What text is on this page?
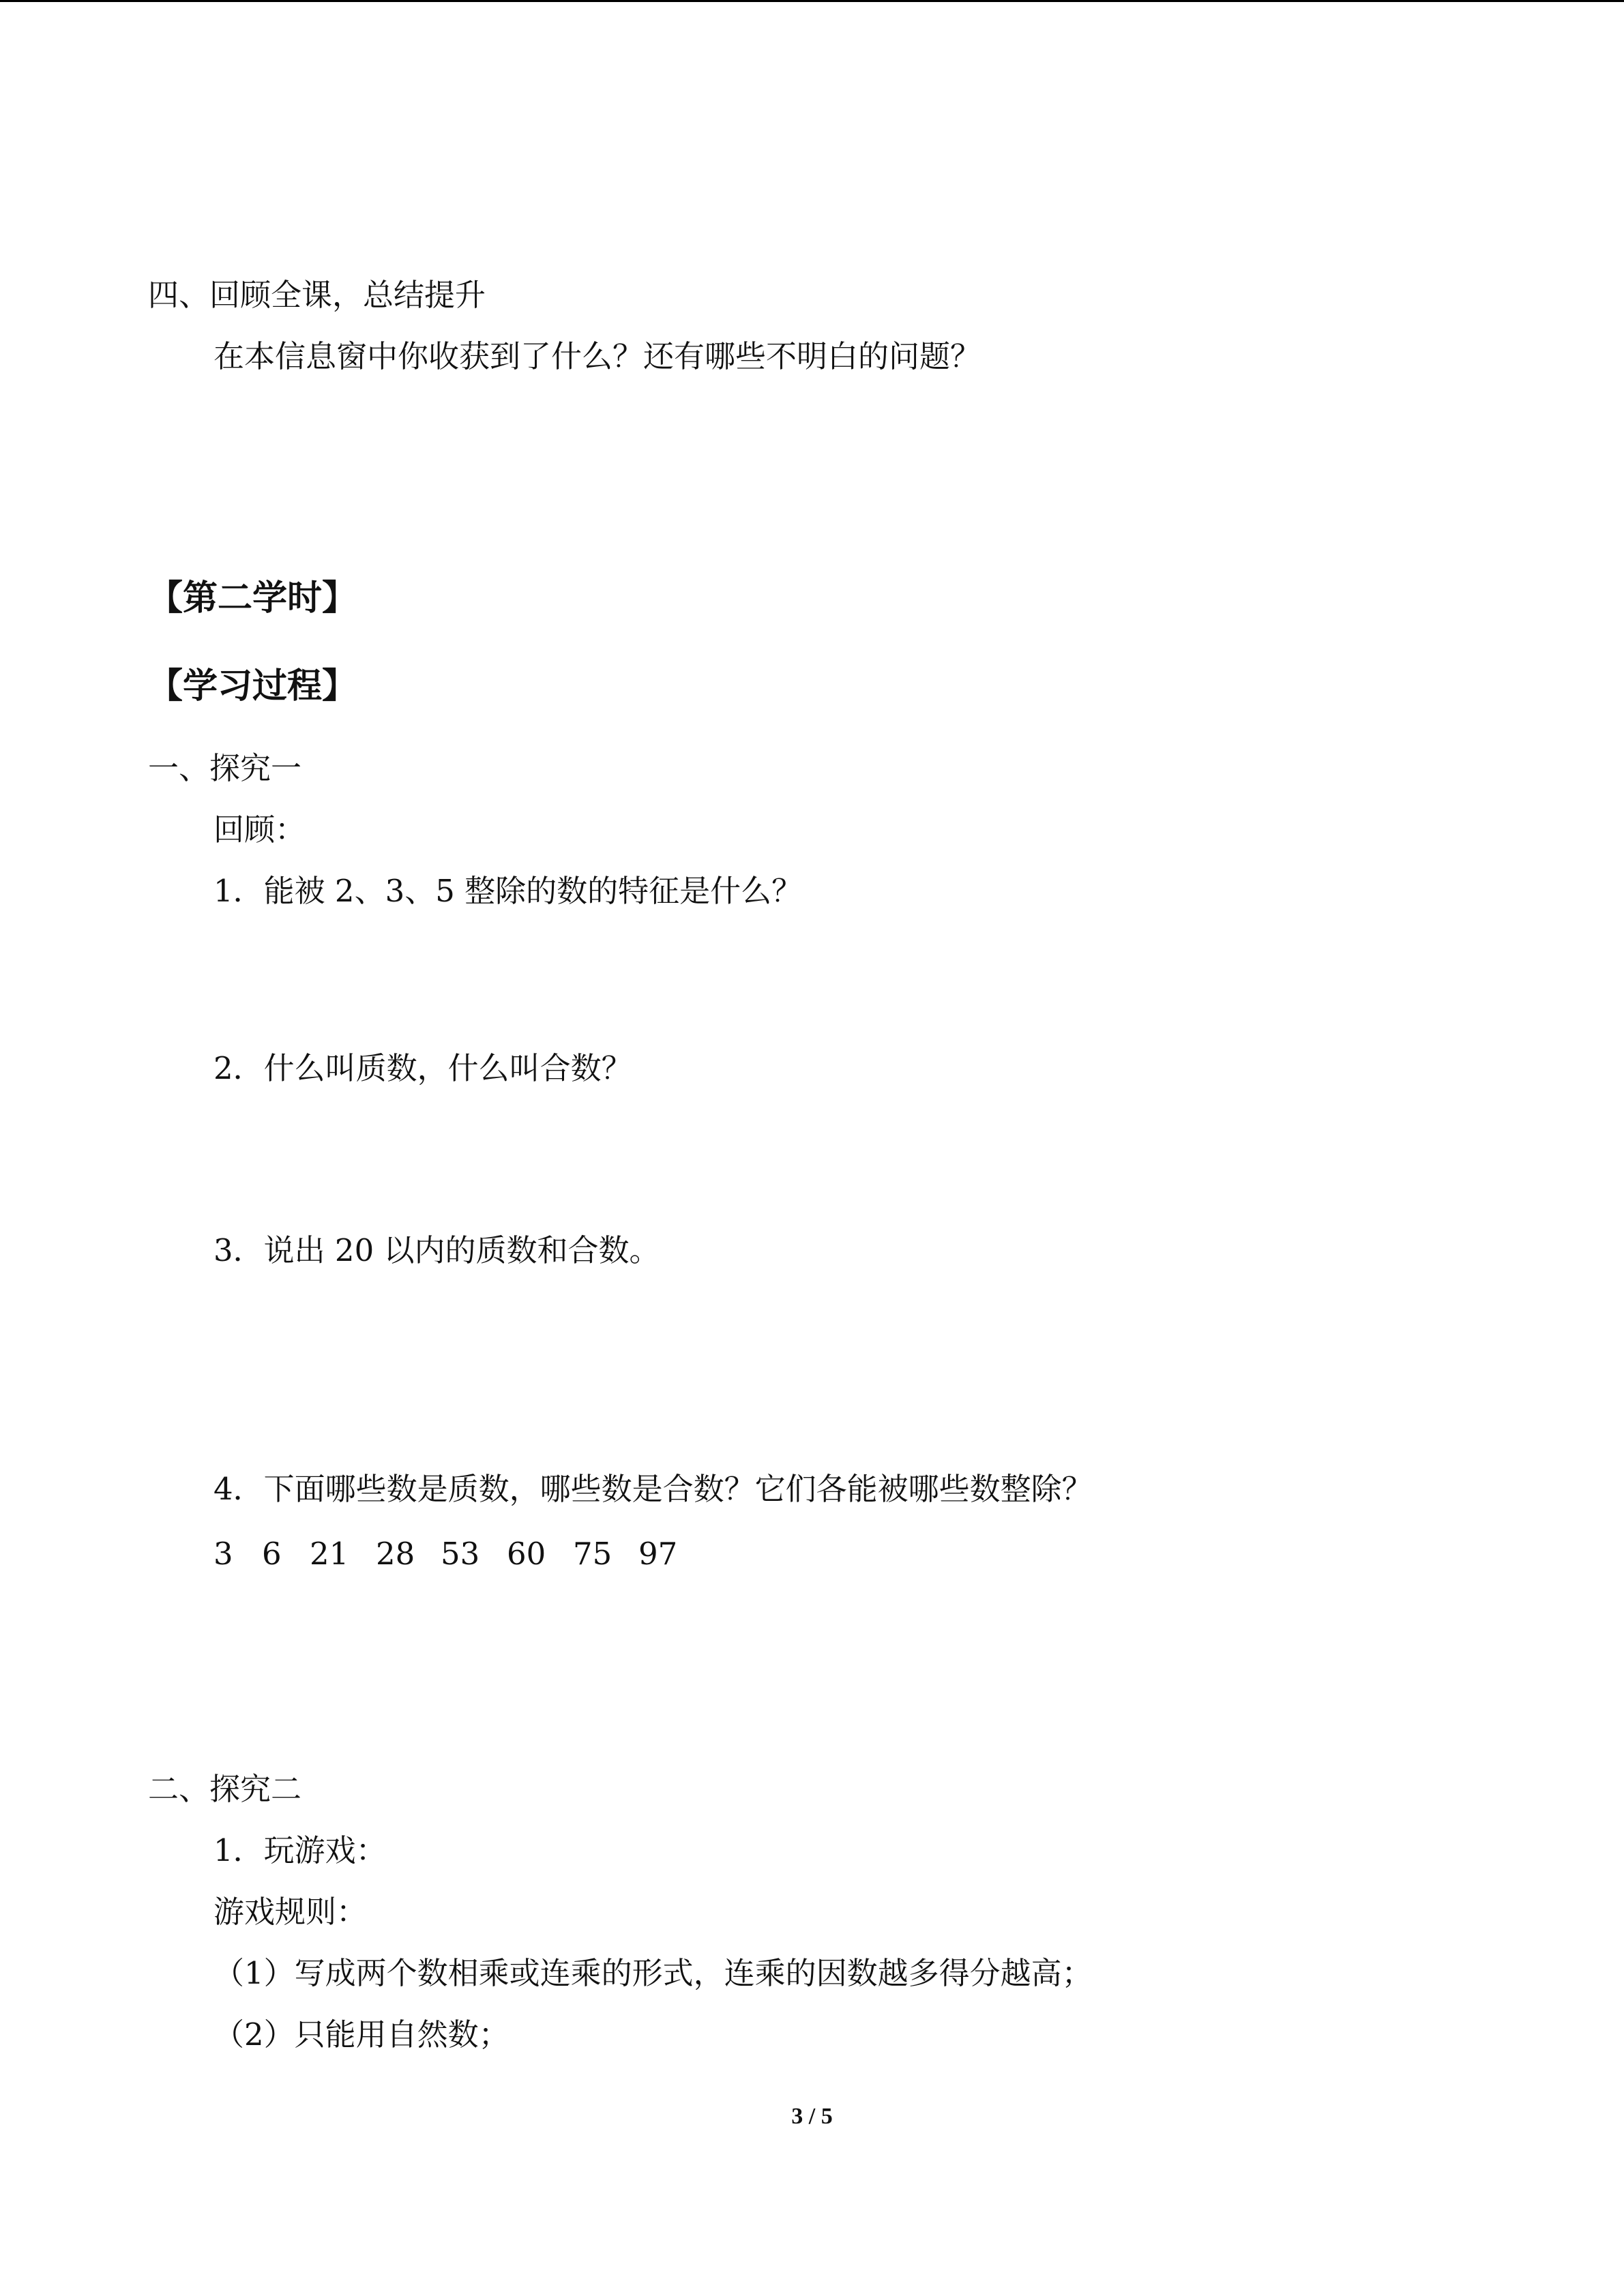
四、回顾全课，总结提升
在本信息窗中你收获到了什么？还有哪些不明白的问题？
【第二学时】
【学习过程】
一、探究一
回顾：
1．能被 2、3、5 整除的数的特征是什么？
2．什么叫质数，什么叫合数？
3．说出 20 以内的质数和合数。
4．下面哪些数是质数，哪些数是合数？它们各能被哪些数整除？
3 6 21 28 53 60 75 97
二、探究二
1．玩游戏：
游戏规则：
（1）写成两个数相乘或连乘的形式，连乘的因数越多得分越高；
（2）只能用自然数；
3 / 5
